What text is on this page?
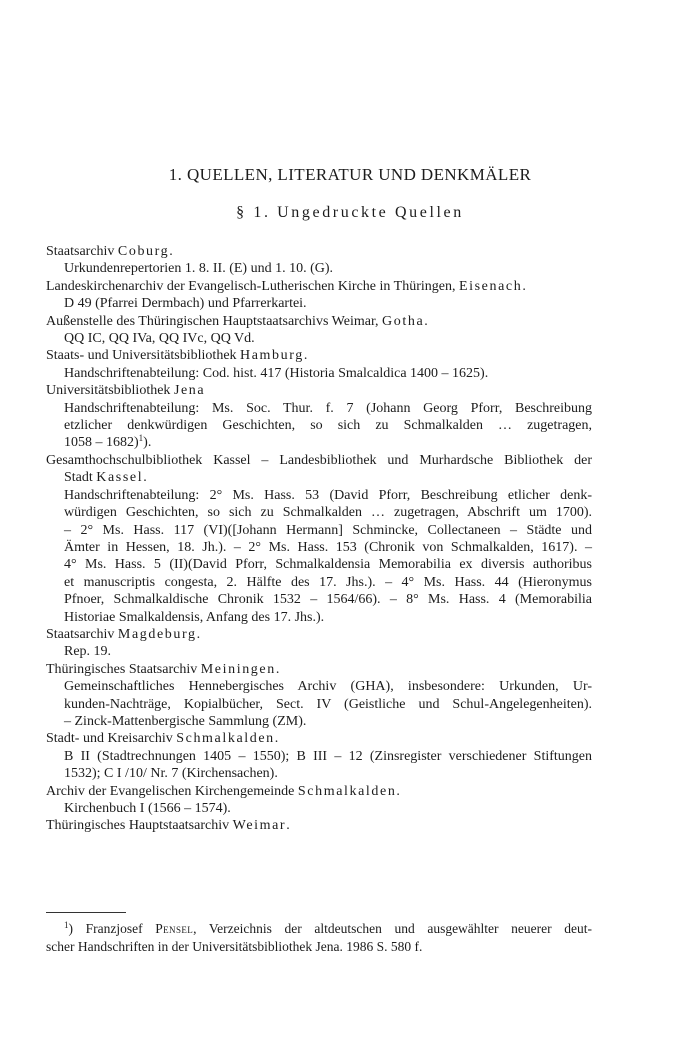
1. QUELLEN, LITERATUR UND DENKMÄLER
§ 1. Ungedruckte Quellen

Staatsarchiv Coburg.
Urkundenrepertorien 1. 8. II. (E) und 1. 10. (G).

Landeskirchenarchiv der Evangelisch-Lutherischen Kirche in Thüringen, Eisenach.
D 49 (Pfarrei Dermbach) und Pfarrerkartei.

Außenstelle des Thüringischen Hauptstaatsarchivs Weimar, Gotha.
QQ IC, QQ IVa, QQ IVc, QQ Vd.

Staats- und Universitätsbibliothek Hamburg.
Handschriftenabteilung: Cod. hist. 417 (Historia Smalcaldica 1400 – 1625).

Universitätsbibliothek Jena
Handschriftenabteilung: Ms. Soc. Thur. f. 7 (Johann Georg Pforr, Beschreibung
etzlicher denkwürdigen Geschichten, so sich zu Schmalkalden … zugetragen,
1058 – 1682)$^1$).

Gesamthochschulbibliothek Kassel – Landesbibliothek und Murhardsche Bibliothek der
Stadt Kassel.
Handschriftenabteilung: 2° Ms. Hass. 53 (David Pforr, Beschreibung etlicher denk-
würdigen Geschichten, so sich zu Schmalkalden … zugetragen, Abschrift um 1700).
– 2° Ms. Hass. 117 (VI)([Johann Hermann] Schmincke, Collectaneen – Städte und
Ämter in Hessen, 18. Jh.). – 2° Ms. Hass. 153 (Chronik von Schmalkalden, 1617). –
4° Ms. Hass. 5 (II)(David Pforr, Schmalkaldensia Memorabilia ex diversis authoribus
et manuscriptis congesta, 2. Hälfte des 17. Jhs.). – 4° Ms. Hass. 44 (Hieronymus
Pfnoer, Schmalkaldische Chronik 1532 – 1564/66). – 8° Ms. Hass. 4 (Memorabilia
Historiae Smalkaldensis, Anfang des 17. Jhs.).

Staatsarchiv Magdeburg.
Rep. 19.

Thüringisches Staatsarchiv Meiningen.
Gemeinschaftliches Hennebergisches Archiv (GHA), insbesondere: Urkunden, Ur-
kunden-Nachträge, Kopialbücher, Sect. IV (Geistliche und Schul-Angelegenheiten).
– Zinck-Mattenbergische Sammlung (ZM).

Stadt- und Kreisarchiv Schmalkalden.
B II (Stadtrechnungen 1405 – 1550); B III – 12 (Zinsregister verschiedener Stiftungen
1532); C I /10/ Nr. 7 (Kirchensachen).

Archiv der Evangelischen Kirchengemeinde Schmalkalden.
Kirchenbuch I (1566 – 1574).

Thüringisches Hauptstaatsarchiv Weimar.

$^1$) Franzjosef Pensel, Verzeichnis der altdeutschen und ausgewählter neuerer deut-
scher Handschriften in der Universitätsbibliothek Jena. 1986 S. 580 f.
